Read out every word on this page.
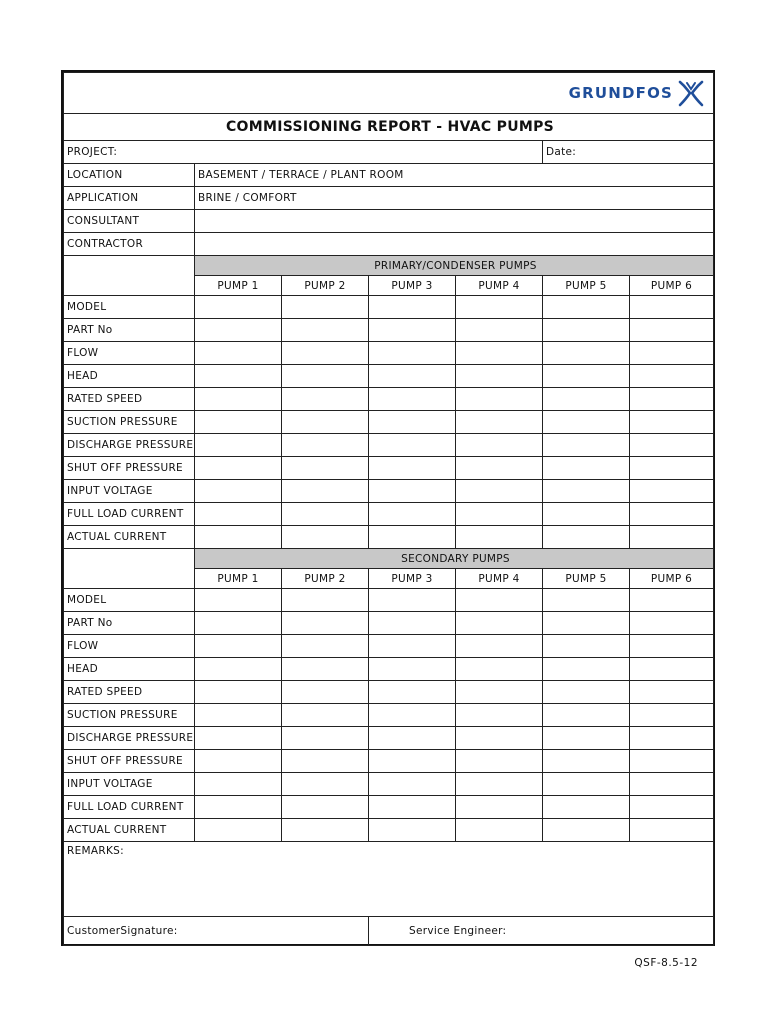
GRUNDFOS						

COMMISSIONING REPORT - HVAC PUMPS						
PROJECT:					Date:	
LOCATION	BASEMENT / TERRACE / PLANT ROOM					
APPLICATION	BRINE / COMFORT					
CONSULTANT						
CONTRACTOR						
	PRIMARY/CONDENSER PUMPS					
	PUMP 1	PUMP 2	PUMP 3	PUMP 4	PUMP 5	PUMP 6
MODEL						
PART No						
FLOW						
HEAD						
RATED SPEED						
SUCTION PRESSURE						
DISCHARGE PRESSURE						
SHUT OFF PRESSURE						
INPUT VOLTAGE						
FULL LOAD CURRENT						
ACTUAL CURRENT						
	SECONDARY PUMPS					
	PUMP 1	PUMP 2	PUMP 3	PUMP 4	PUMP 5	PUMP 6
MODEL						
PART No						
FLOW						
HEAD						
RATED SPEED						
SUCTION PRESSURE						
DISCHARGE PRESSURE						
SHUT OFF PRESSURE						
INPUT VOLTAGE						
FULL LOAD CURRENT						
ACTUAL CURRENT						
REMARKS:						
CustomerSignature:			Service Engineer:			
QSF-8.5-12
